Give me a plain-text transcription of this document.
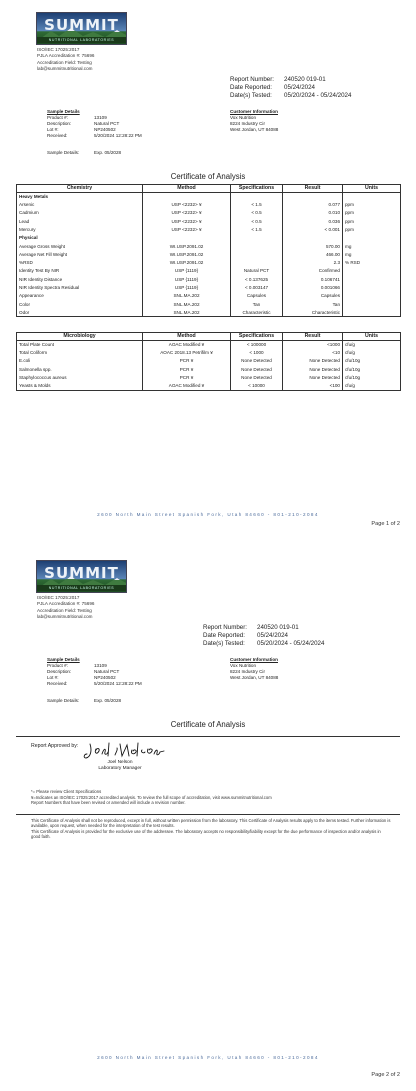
SUMMIT
NUTRITIONAL LABORATORIES
ISO/IEC 17025:2017
PJLA Accreditation #: 75696
Accreditation Field: Testing
lab@summitnutritional.com
Report Number:	240520 019-01
Date Reported:	05/24/2024
Date(s) Tested:	05/20/2024 - 05/24/2024
Sample Details
Product #:	13109
Description:	Natural PCT
Lot #:	NP240502
Received:	5/20/2024 12:28:22 PM
Customer Information
Vox Nutrition
8224 Industry Cir
West Jordan, UT 84088
Sample Details:	Exp. 05/2028
Certificate of Analysis
Chemistry	Method	Specifications	Result	Units
Heavy Metals				
Arsenic	USP <2232> ¥	< 1.5	0.077	ppm
Cadmium	USP <2232> ¥	< 0.5	0.010	ppm
Lead	USP <2232> ¥	< 0.5	0.036	ppm
Mercury	USP <2232> ¥	< 1.5	< 0.001	ppm
Physical				
Average Gross Weight	WI.USP.2091.02		570.00	mg
Average Net Fill Weight	WI.USP.2091.02		466.00	mg
%RSD	WI.USP.2091.02		2.3	% RSD
Identity Test By NIR	USP {1119}	Natural PCT	Confirmed	
NIR Identity Distance	USP {1119}	< 0.137625	0.106741	
NIR Identity Spectra Residual	USP {1119}	< 0.003147	0.001066	
Appearance	SNL.MA.202	Capsules	Capsules	
Color	SNL.MA.202	Tan	Tan	
Odor	SNL.MA.202	Characteristic	Characteristic	
Microbiology	Method	Specifications	Result	Units
Total Plate Count	AOAC Modified ¥	< 100000	<1000	cfu/g
Total Coliform	AOAC 2018.13 Petrifilm ¥	< 1000	<10	cfu/g
E.coli	PCR ¥	None Detected	None Detected	cfu/10g
Salmonella spp.	PCR ¥	None Detected	None Detected	cfu/10g
Staphylococcus aureus	PCR ¥	None Detected	None Detected	cfu/10g
Yeasts & Molds	AOAC Modified ¥	< 10000	<100	cfu/g
2600 North Main Street Spanish Fork, Utah 84660 - 801-210-2084
Page 1 of 2
SUMMIT
NUTRITIONAL LABORATORIES
ISO/IEC 17025:2017
PJLA Accreditation #: 75696
Accreditation Field: Testing
lab@summitnutritional.com
Report Number:	240520 019-01
Date Reported:	05/24/2024
Date(s) Tested:	05/20/2024 - 05/24/2024
Sample Details
Product #:	13109
Description:	Natural PCT
Lot #:	NP240502
Received:	5/20/2024 12:28:22 PM
Customer Information
Vox Nutrition
8224 Industry Cir
West Jordan, UT 84088
Sample Details:	Exp. 05/2028
Certificate of Analysis
2600 North Main Street Spanish Fork, Utah 84660 - 801-210-2084
Page 2 of 2
Report Approved by:
Joel Nelson
Laboratory Manager

*= Please review Client Specifications

¥=Indicates an ISO/IEC 17025:2017 accredited analysis. To review the full scope of accreditation, visit www.summitnutritional.com

Report Numbers that have been revised or amended will include a revision number.

This Certificate of Analysis shall not be reproduced, except in full, without written permission from the laboratory. This Certificate of Analysis results apply to the items tested. Further information is available, upon request, when needed for the interpretation of the test results.

This Certificate of Analysis is provided for the exclusive use of the addressee. The laboratory accepts no responsibility/liability except for the due performance of inspection and/or analysis in good faith.
